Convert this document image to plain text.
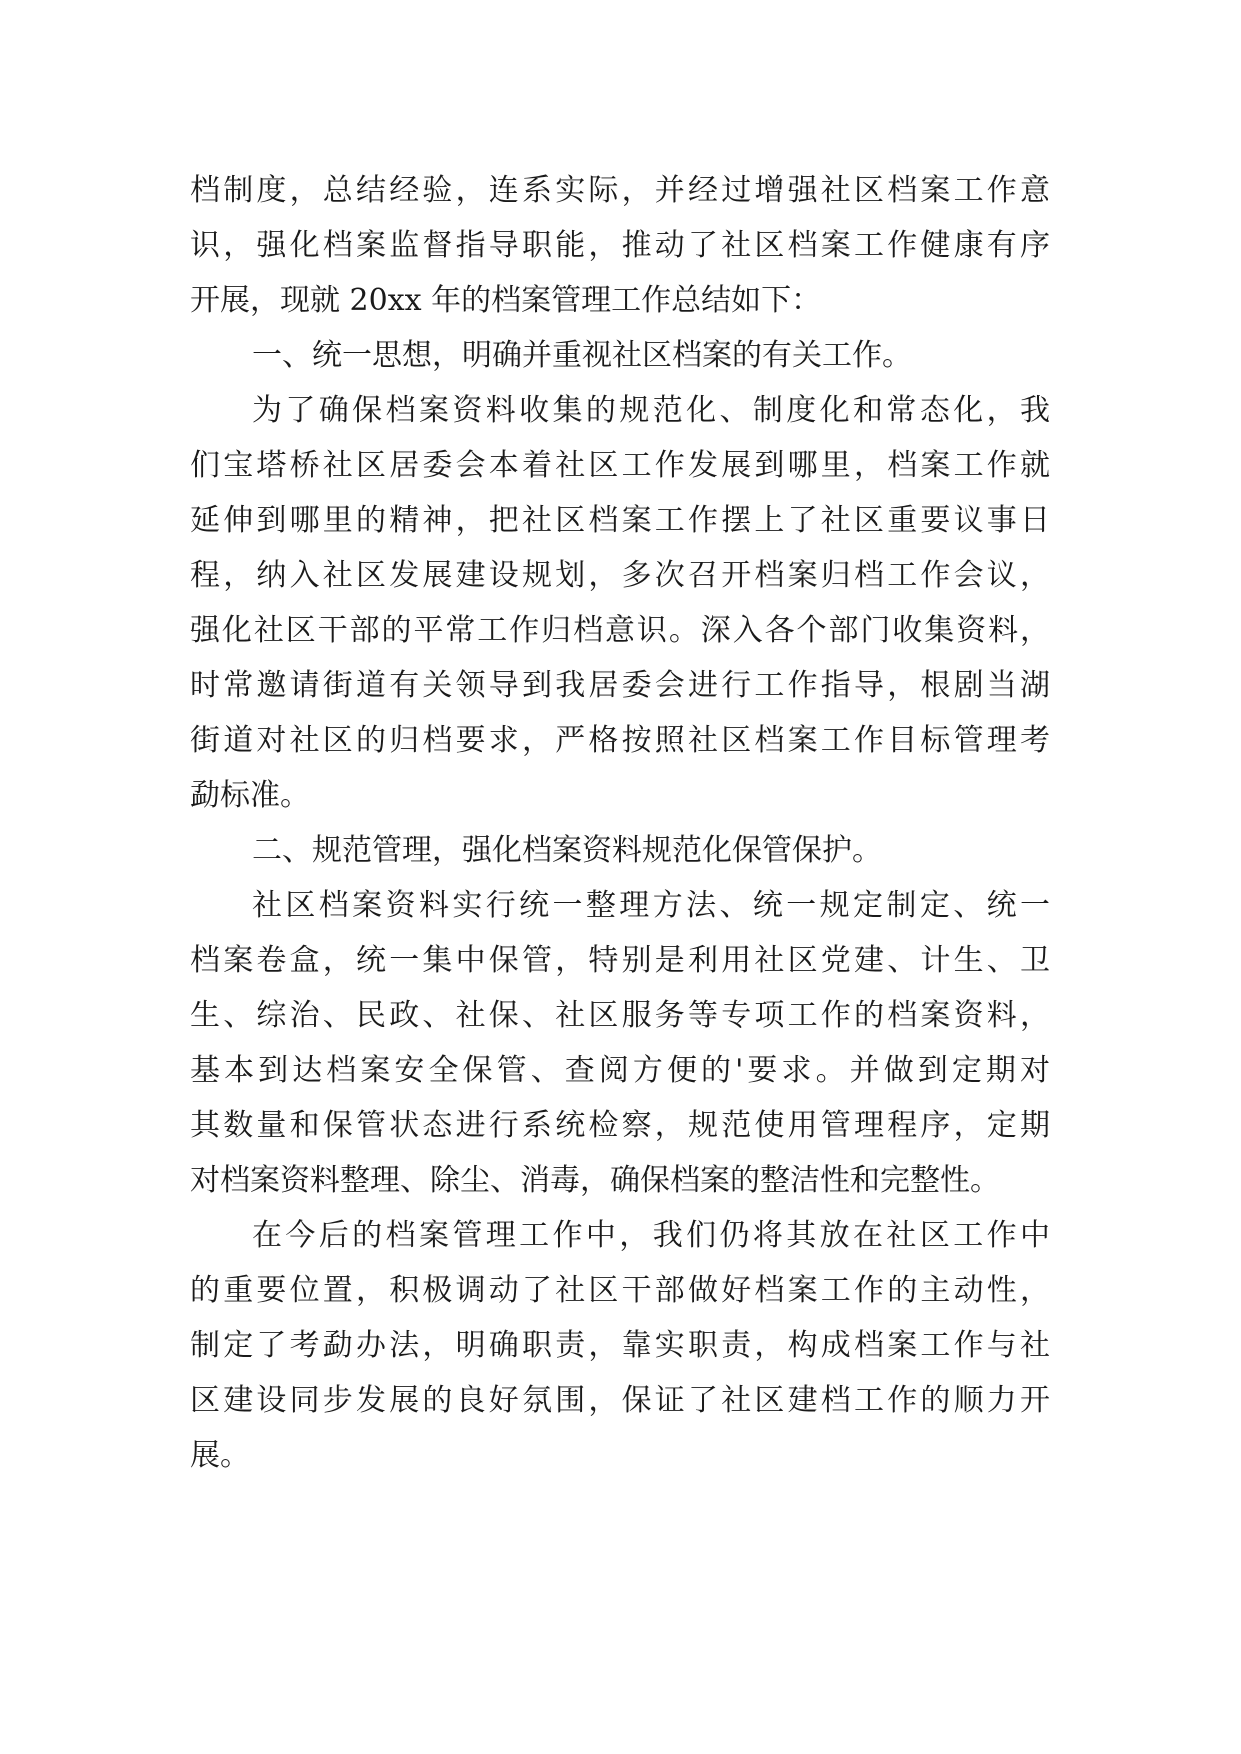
档制度，总结经验，连系实际，并经过增强社区档案工作意
识，强化档案监督指导职能，推动了社区档案工作健康有序
开展，现就 20xx 年的档案管理工作总结如下：
一、统一思想，明确并重视社区档案的有关工作。
为了确保档案资料收集的规范化、制度化和常态化，我
们宝塔桥社区居委会本着社区工作发展到哪里，档案工作就
延伸到哪里的精神，把社区档案工作摆上了社区重要议事日
程，纳入社区发展建设规划，多次召开档案归档工作会议，
强化社区干部的平常工作归档意识。深入各个部门收集资料，
时常邀请街道有关领导到我居委会进行工作指导，根剧当湖
街道对社区的归档要求，严格按照社区档案工作目标管理考
勐标准。
二、规范管理，强化档案资料规范化保管保护。
社区档案资料实行统一整理方法、统一规定制定、统一
档案卷盒，统一集中保管，特别是利用社区党建、计生、卫
生、综治、民政、社保、社区服务等专项工作的档案资料，
基本到达档案安全保管、查阅方便的'要求。并做到定期对
其数量和保管状态进行系统检察，规范使用管理程序，定期
对档案资料整理、除尘、消毒，确保档案的整洁性和完整性。
在今后的档案管理工作中，我们仍将其放在社区工作中
的重要位置，积极调动了社区干部做好档案工作的主动性，
制定了考勐办法，明确职责，靠实职责，构成档案工作与社
区建设同步发展的良好氛围，保证了社区建档工作的顺力开
展。
